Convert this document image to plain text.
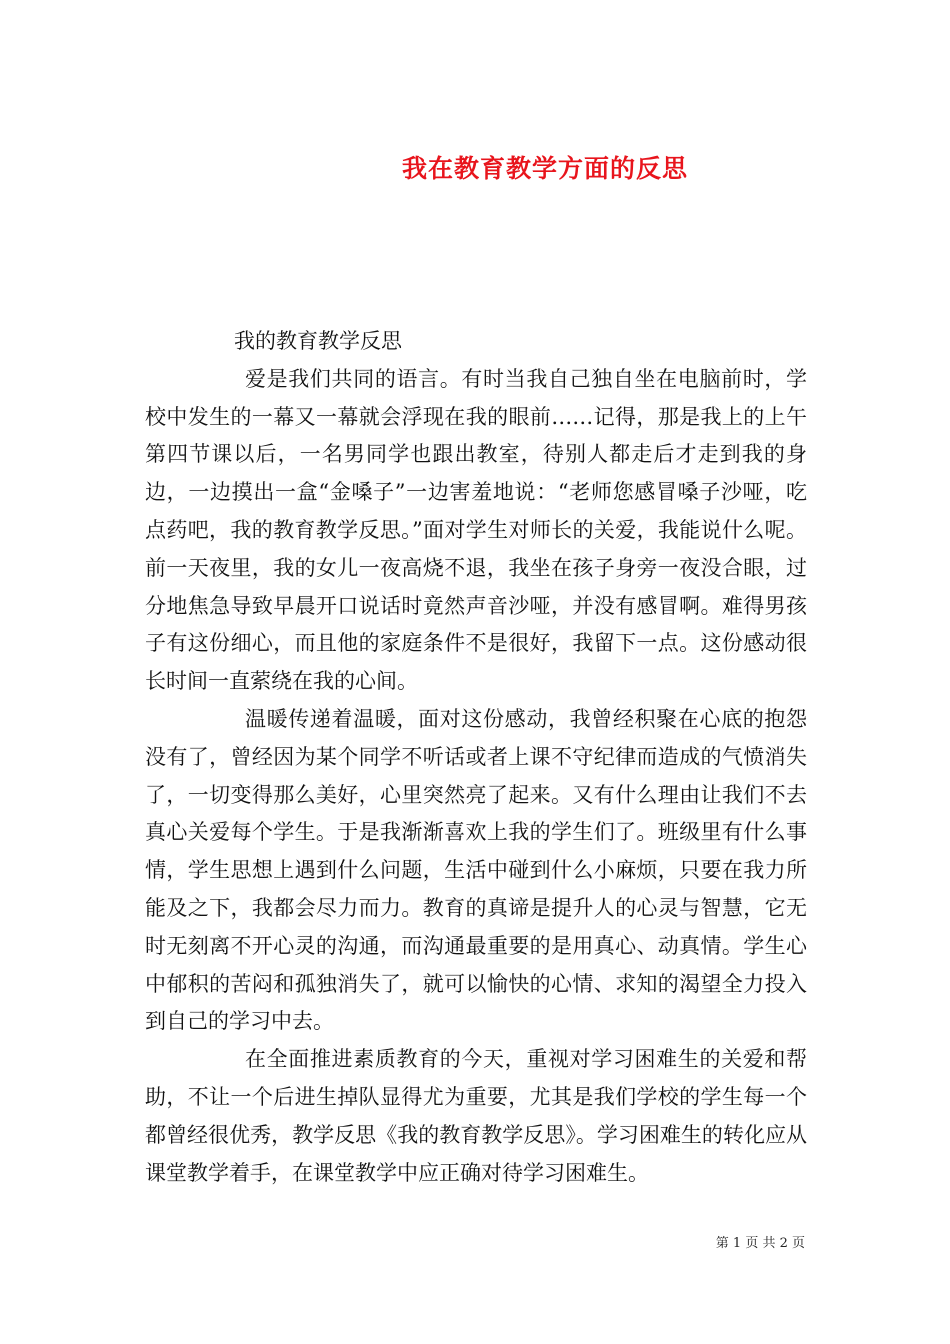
我在教育教学方面的反思

我的教育教学反思

爱是我们共同的语言。有时当我自己独自坐在电脑前时，学校中发生的一幕又一幕就会浮现在我的眼前……记得，那是我上的上午第四节课以后，一名男同学也跟出教室，待别人都走后才走到我的身边，一边摸出一盒“金嗓子”一边害羞地说：“老师您感冒嗓子沙哑，吃点药吧，我的教育教学反思。”面对学生对师长的关爱，我能说什么呢。前一天夜里，我的女儿一夜高烧不退，我坐在孩子身旁一夜没合眼，过分地焦急导致早晨开口说话时竟然声音沙哑，并没有感冒啊。难得男孩子有这份细心，而且他的家庭条件不是很好，我留下一点。这份感动很长时间一直萦绕在我的心间。

温暖传递着温暖，面对这份感动，我曾经积聚在心底的抱怨没有了，曾经因为某个同学不听话或者上课不守纪律而造成的气愤消失了，一切变得那么美好，心里突然亮了起来。又有什么理由让我们不去真心关爱每个学生。于是我渐渐喜欢上我的学生们了。班级里有什么事情，学生思想上遇到什么问题，生活中碰到什么小麻烦，只要在我力所能及之下，我都会尽力而力。教育的真谛是提升人的心灵与智慧，它无时无刻离不开心灵的沟通，而沟通最重要的是用真心、动真情。学生心中郁积的苦闷和孤独消失了，就可以愉快的心情、求知的渴望全力投入到自己的学习中去。

在全面推进素质教育的今天，重视对学习困难生的关爱和帮助，不让一个后进生掉队显得尤为重要，尤其是我们学校的学生每一个都曾经很优秀，教学反思《我的教育教学反思》。学习困难生的转化应从课堂教学着手，在课堂教学中应正确对待学习困难生。

第 1 页 共 2 页
